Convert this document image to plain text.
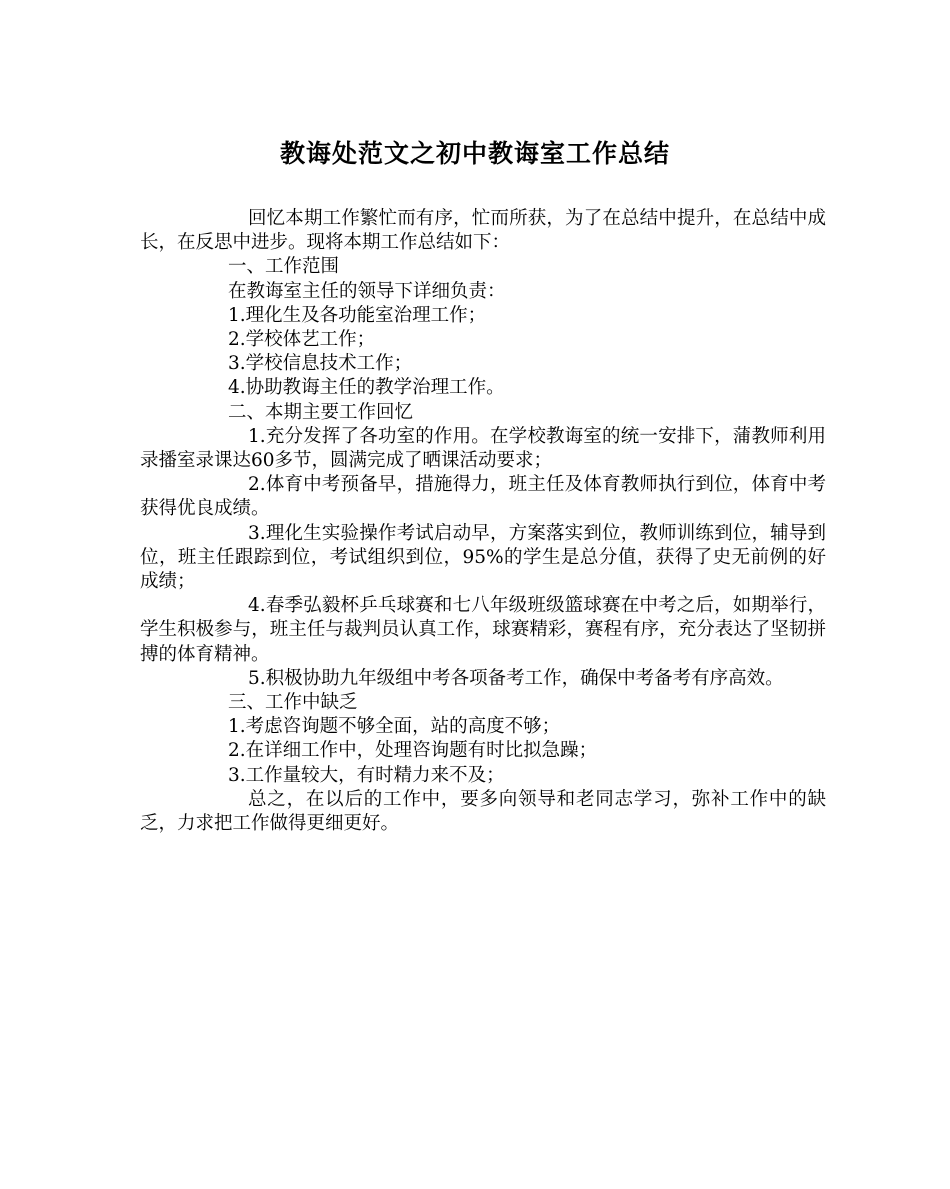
教诲处范文之初中教诲室工作总结

回忆本期工作繁忙而有序，忙而所获，为了在总结中提升，在总结中成长，在反思中进步。现将本期工作总结如下：

一、工作范围

在教诲室主任的领导下详细负责：

1.理化生及各功能室治理工作；

2.学校体艺工作；

3.学校信息技术工作；

4.协助教诲主任的教学治理工作。

二、本期主要工作回忆

1.充分发挥了各功室的作用。在学校教诲室的统一安排下，蒲教师利用录播室录课达60多节，圆满完成了晒课活动要求；

2.体育中考预备早，措施得力，班主任及体育教师执行到位，体育中考获得优良成绩。

3.理化生实验操作考试启动早，方案落实到位，教师训练到位，辅导到位，班主任跟踪到位，考试组织到位，95%的学生是总分值，获得了史无前例的好成绩；

4.春季弘毅杯乒乓球赛和七八年级班级篮球赛在中考之后，如期举行，学生积极参与，班主任与裁判员认真工作，球赛精彩，赛程有序，充分表达了坚韧拼搏的体育精神。

5.积极协助九年级组中考各项备考工作，确保中考备考有序高效。

三、工作中缺乏

1.考虑咨询题不够全面，站的高度不够；

2.在详细工作中，处理咨询题有时比拟急躁；

3.工作量较大，有时精力来不及；

总之，在以后的工作中，要多向领导和老同志学习，弥补工作中的缺乏，力求把工作做得更细更好。
